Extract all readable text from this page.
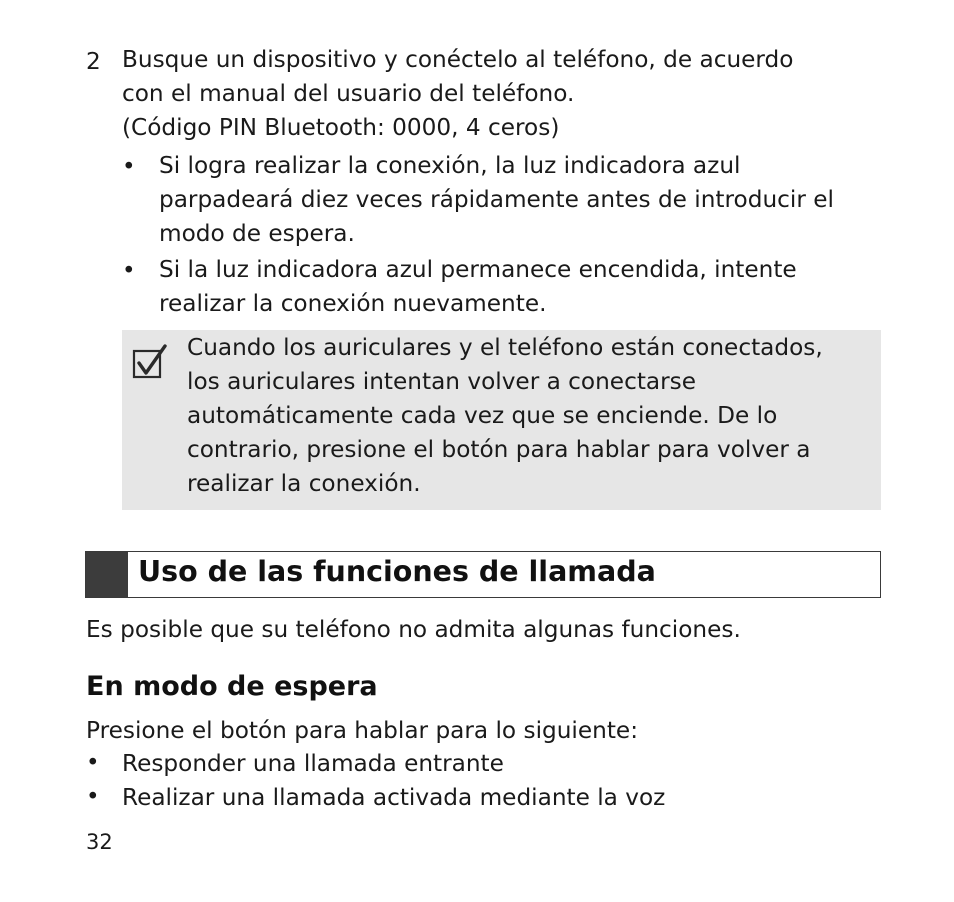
2 Busque un dispositivo y conéctelo al teléfono, de acuerdo
con el manual del usuario del teléfono.
(Código PIN Bluetooth: 0000, 4 ceros)
• Si logra realizar la conexión, la luz indicadora azul
parpadeará diez veces rápidamente antes de introducir el
modo de espera.
• Si la luz indicadora azul permanece encendida, intente
realizar la conexión nuevamente.
Cuando los auriculares y el teléfono están conectados,
los auriculares intentan volver a conectarse
automáticamente cada vez que se enciende. De lo
contrario, presione el botón para hablar para volver a
realizar la conexión.
Uso de las funciones de llamada
Es posible que su teléfono no admita algunas funciones.
En modo de espera
Presione el botón para hablar para lo siguiente:
• Responder una llamada entrante
• Realizar una llamada activada mediante la voz
32
